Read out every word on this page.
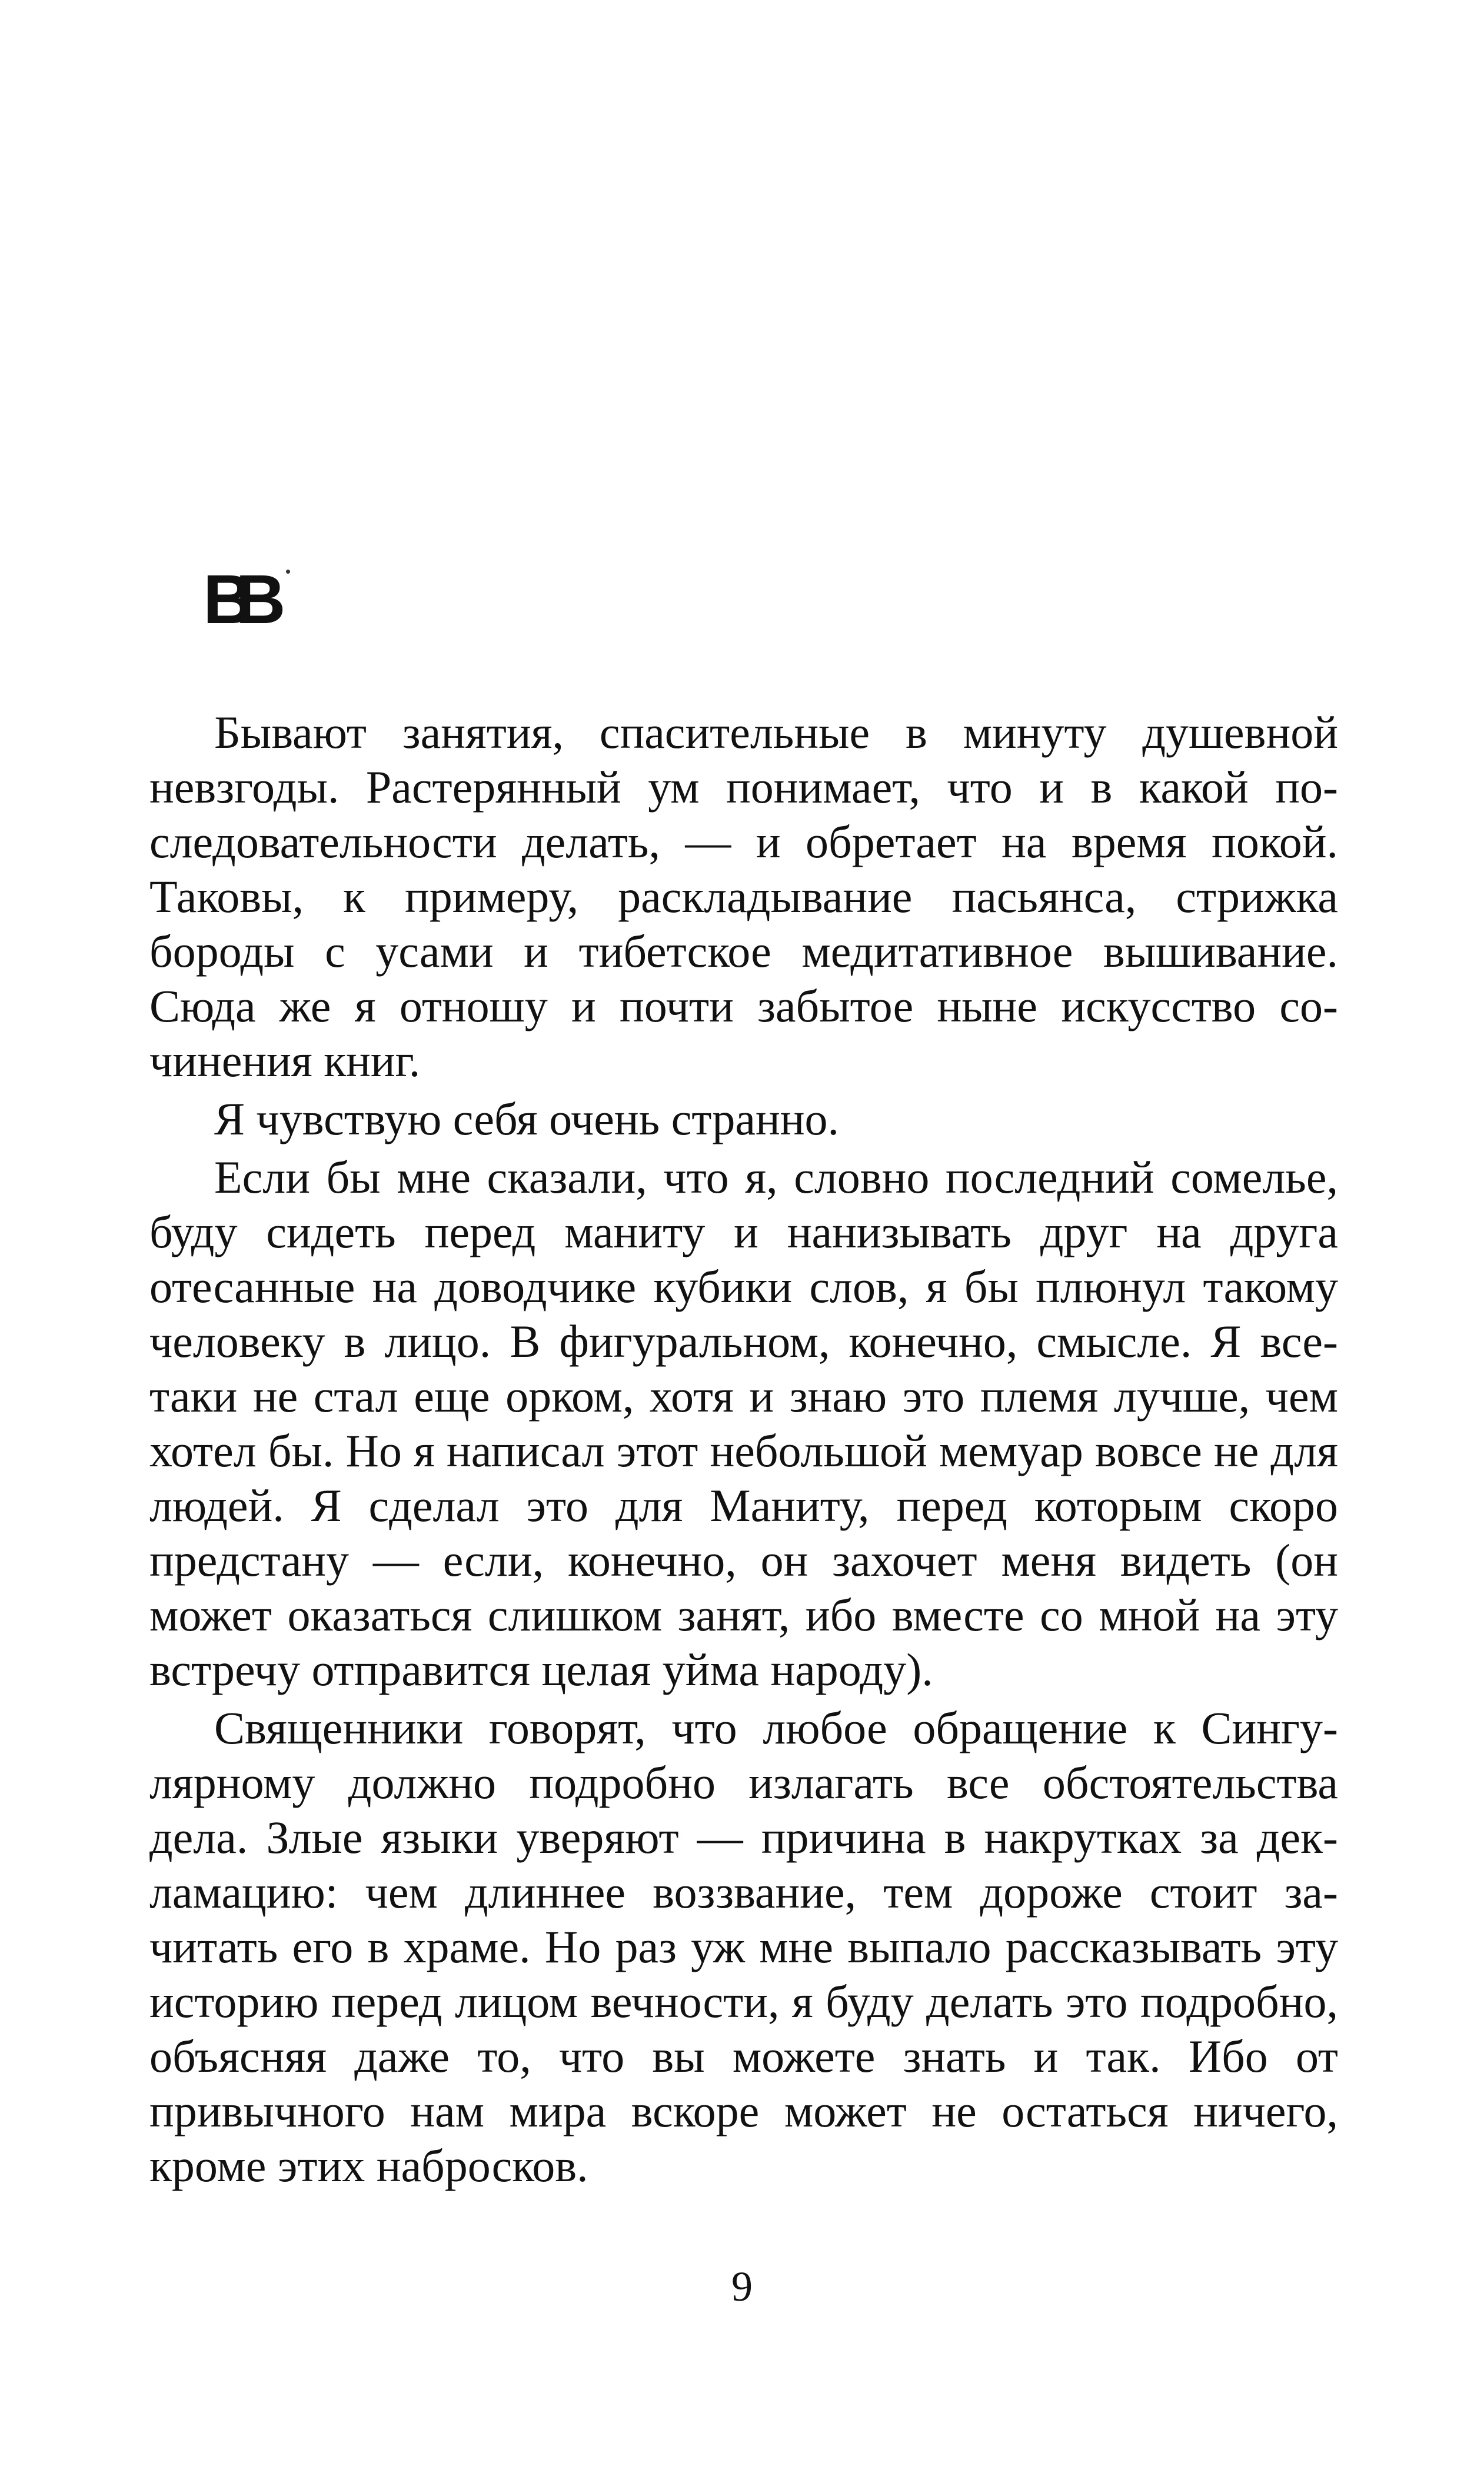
ВВ

Бывают занятия, спасительные в минуту душевной невзгоды. Растерянный ум понимает, что и в какой последовательности делать, — и обретает на время покой. Таковы, к примеру, раскладывание пасьянса, стрижка бороды с усами и тибетское медитативное вышивание. Сюда же я отношу и почти забытое ныне искусство сочинения книг.

Я чувствую себя очень странно.

Если бы мне сказали, что я, словно последний сомелье, буду сидеть перед маниту и нанизывать друг на друга отесанные на доводчике кубики слов, я бы плюнул такому человеку в лицо. В фигуральном, конечно, смысле. Я всетаки не стал еще орком, хотя и знаю это племя лучше, чем хотел бы. Но я написал этот небольшой мемуар вовсе не для людей. Я сделал это для Маниту, перед которым скоро предстану — если, конечно, он захочет меня видеть (он может оказаться слишком занят, ибо вместе со мной на эту встречу отправится целая уйма народу).

Священники говорят, что любое обращение к Сингулярному должно подробно излагать все обстоятельства дела. Злые языки уверяют — причина в накрутках за декламацию: чем длиннее воззвание, тем дороже стоит зачитать его в храме. Но раз уж мне выпало рассказывать эту историю перед лицом вечности, я буду делать это подробно, объясняя даже то, что вы можете знать и так. Ибо от привычного нам мира вскоре может не остаться ничего, кроме этих набросков.

9
